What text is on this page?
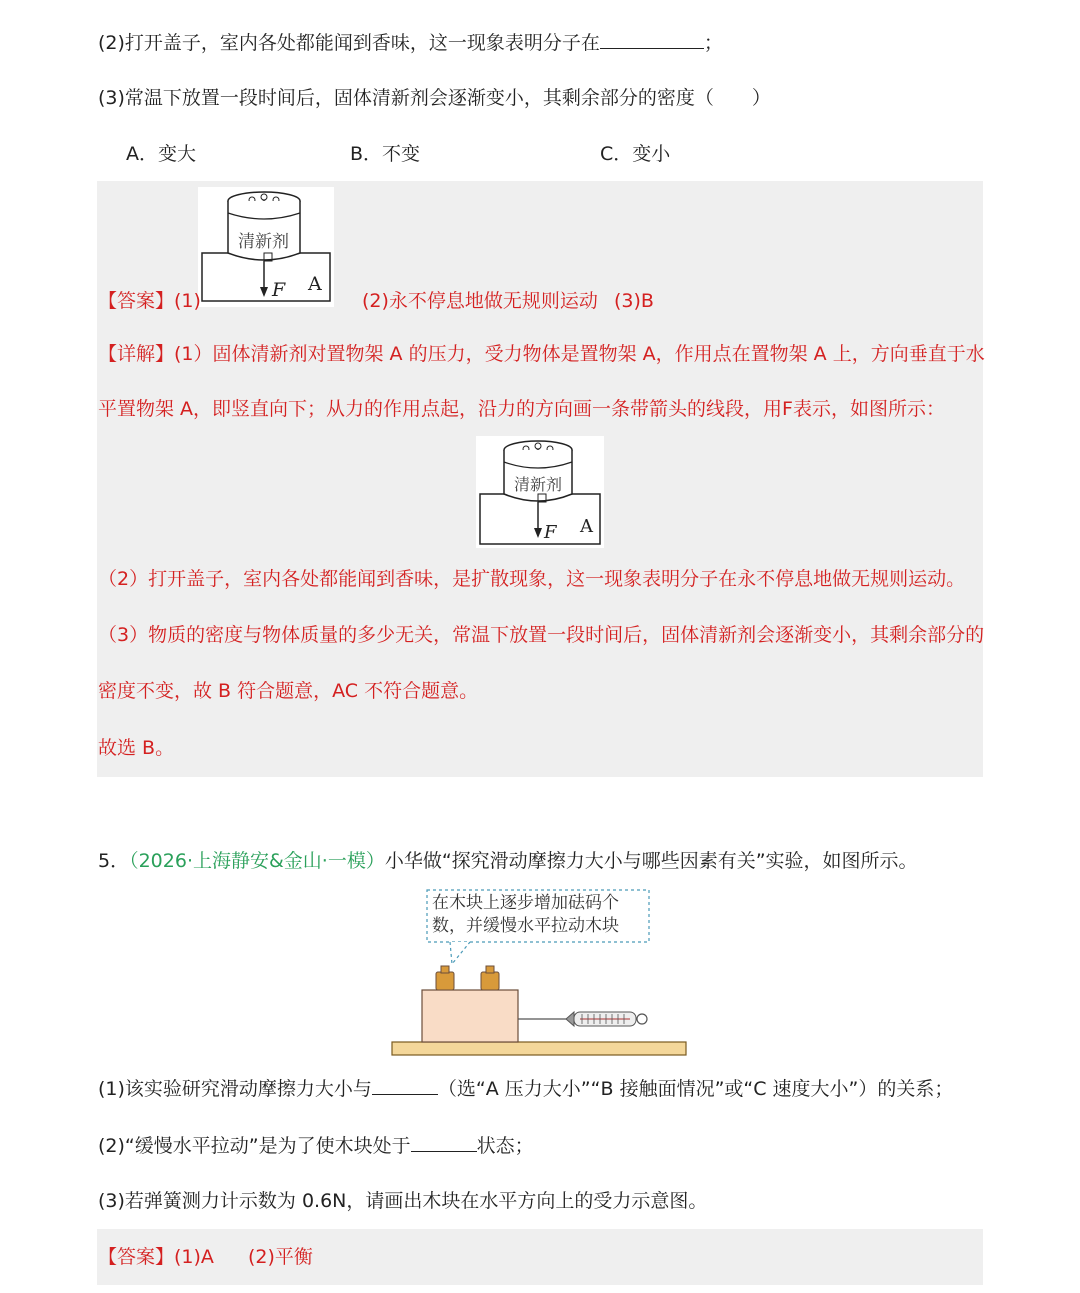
(2)打开盖子，室内各处都能闻到香味，这一现象表明分子在	；
(3)常温下放置一段时间后，固体清新剂会逐渐变小，其剩余部分的密度（　　）
A．变大	B．不变	C．变小
清新剂
F A
【答案】(1)	(2)永不停息地做无规则运动 (3)B
【详解】(1）固体清新剂对置物架 A 的压力，受力物体是置物架 A，作用点在置物架 A 上，方向垂直于水
平置物架 A，即竖直向下；从力的作用点起，沿力的方向画一条带箭头的线段，用F表示，如图所示：
清新剂
F A
（2）打开盖子，室内各处都能闻到香味，是扩散现象，这一现象表明分子在永不停息地做无规则运动。
（3）物质的密度与物体质量的多少无关，常温下放置一段时间后，固体清新剂会逐渐变小，其剩余部分的
密度不变，故 B 符合题意，AC 不符合题意。
故选 B。
5．（2026·上海静安&金山·一模）小华做“探究滑动摩擦力大小与哪些因素有关”实验，如图所示。
在木块上逐步增加砝码个
数，并缓慢水平拉动木块
(1)该实验研究滑动摩擦力大小与	（选“A 压力大小”“B 接触面情况”或“C 速度大小”）的关系；
(2)“缓慢水平拉动”是为了使木块处于	状态；
(3)若弹簧测力计示数为 0.6N，请画出木块在水平方向上的受力示意图。
【答案】(1)A (2)平衡
